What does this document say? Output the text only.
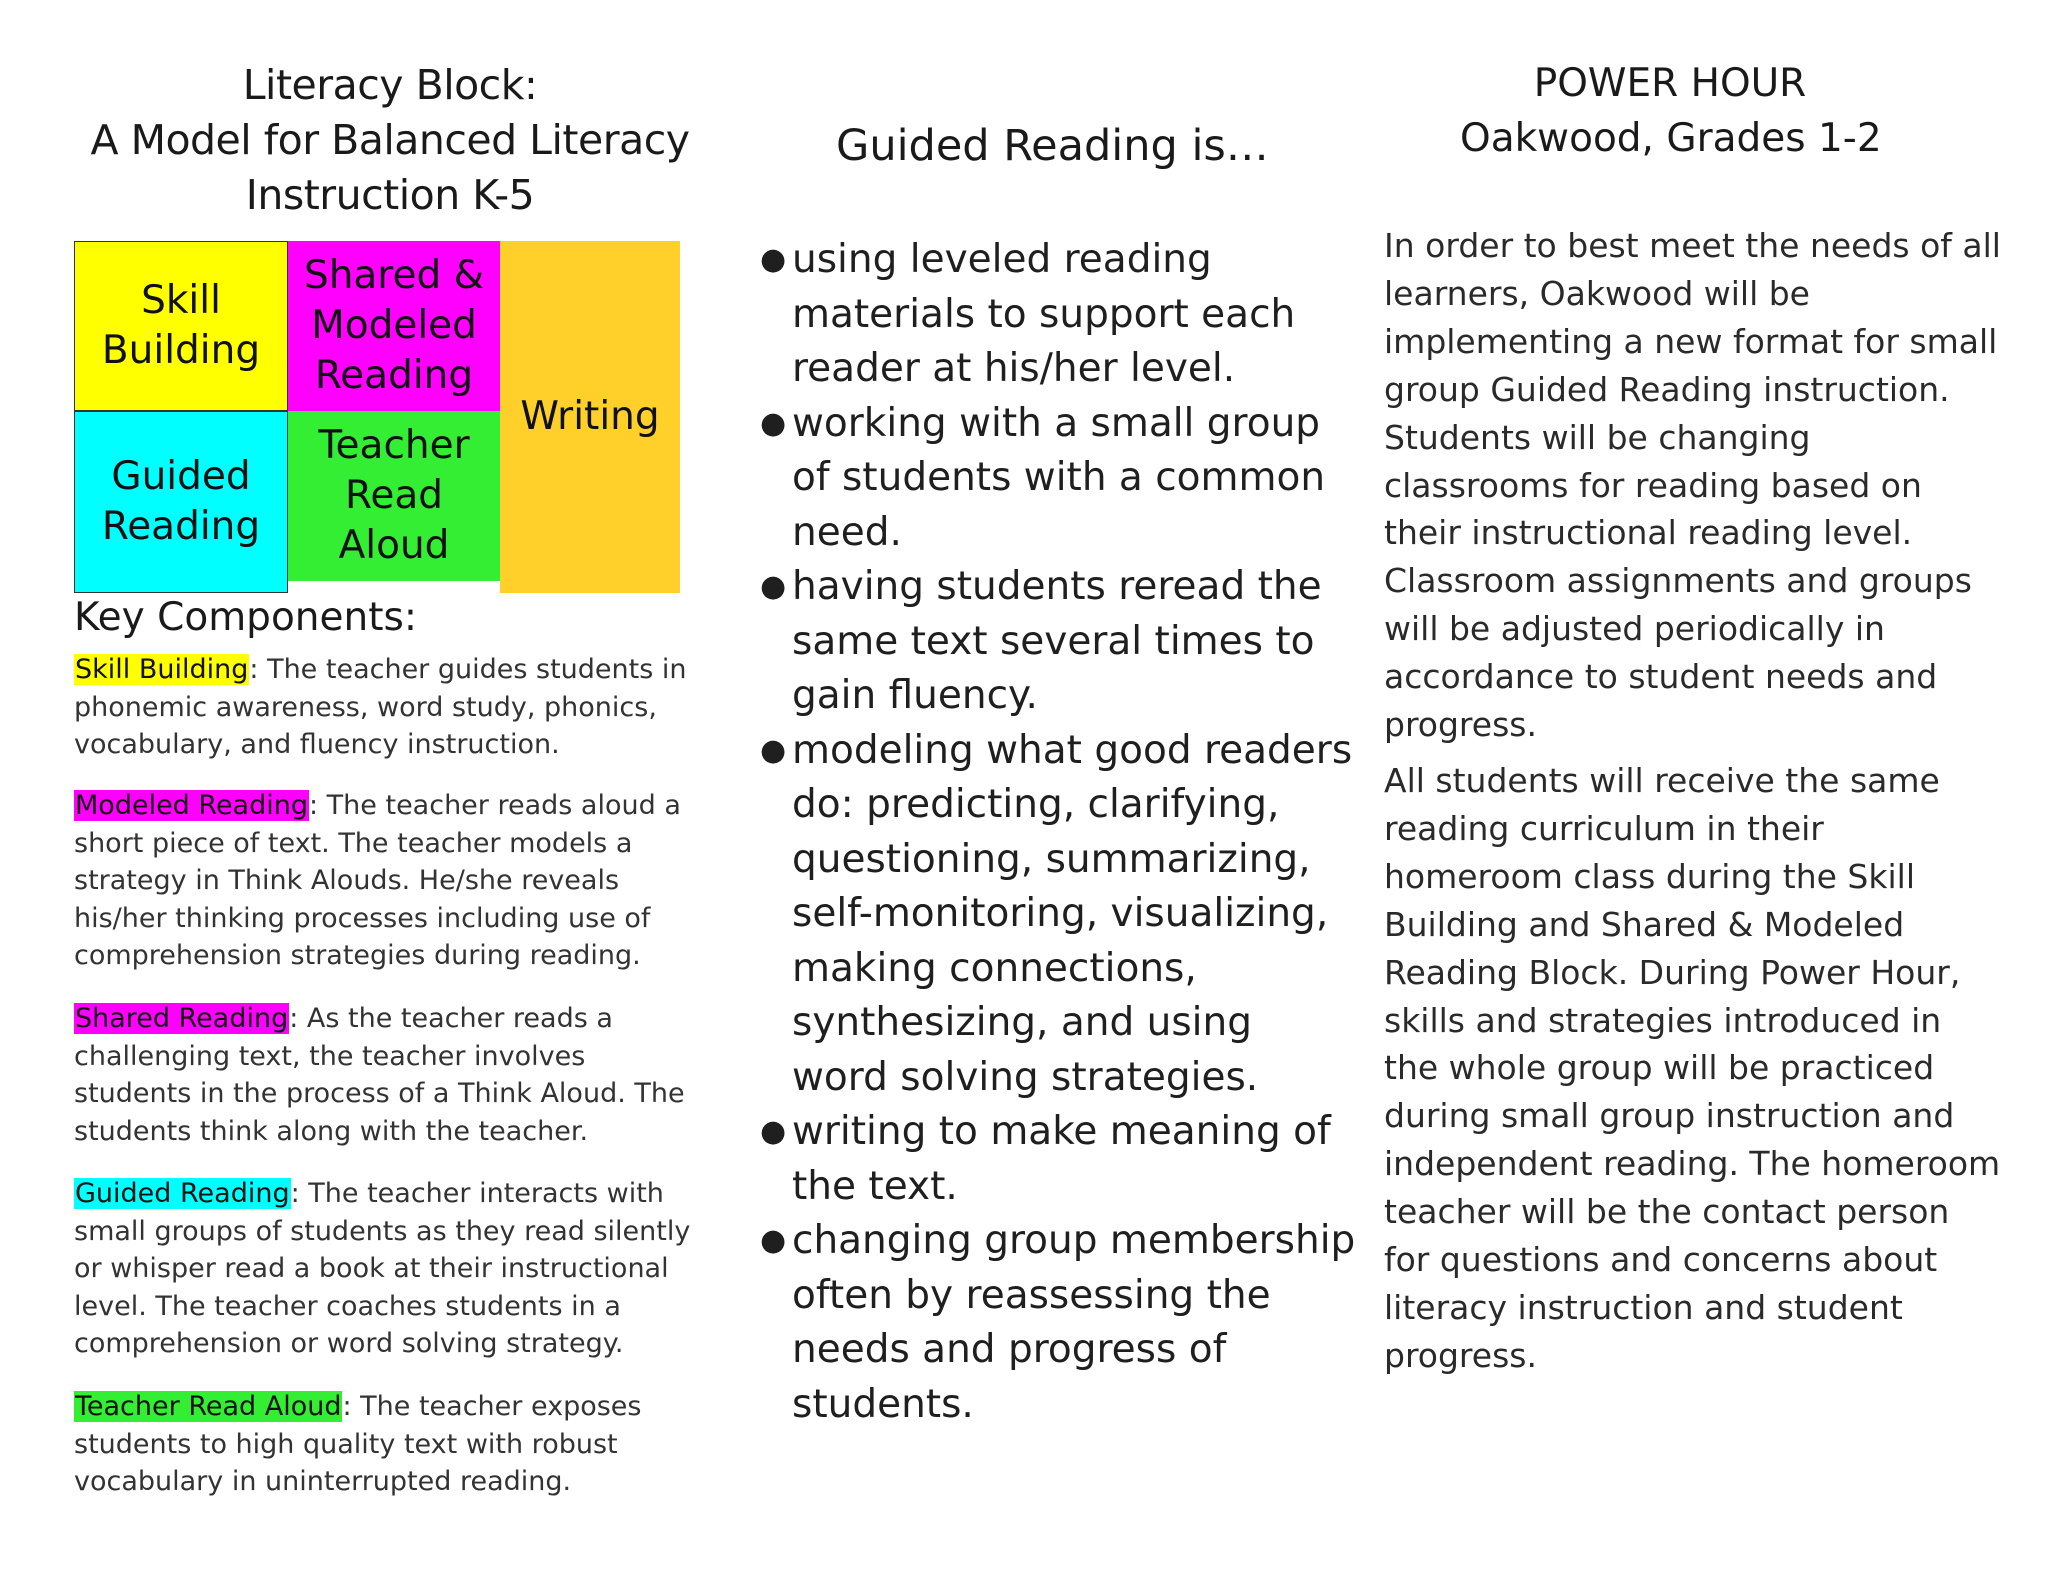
Literacy Block:
A Model for Balanced Literacy
Instruction K-5
Skill
Building
Shared &
Modeled
Reading
Writing
Guided
Reading
Teacher
Read Aloud
Key Components:
Skill Building: The teacher guides students in phonemic awareness, word study, phonics, vocabulary, and fluency instruction.
Modeled Reading: The teacher reads aloud a short piece of text. The teacher models a strategy in Think Alouds. He/she reveals his/her thinking processes including use of comprehension strategies during reading.
Shared Reading: As the teacher reads a challenging text, the teacher involves students in the process of a Think Aloud. The students think along with the teacher.
Guided Reading: The teacher interacts with small groups of students as they read silently or whisper read a book at their instructional level. The teacher coaches students in a comprehension or word solving strategy.
Teacher Read Aloud: The teacher exposes students to high quality text with robust vocabulary in uninterrupted reading.
Guided Reading is…
● using leveled reading materials to support each reader at his/her level.
● working with a small group of students with a common need.
● having students reread the same text several times to gain fluency.
● modeling what good readers do: predicting, clarifying, questioning, summarizing, self-monitoring, visualizing, making connections, synthesizing, and using word solving strategies.
● writing to make meaning of the text.
● changing group membership often by reassessing the needs and progress of students.
POWER HOUR
Oakwood, Grades 1-2

In order to best meet the needs of all learners, Oakwood will be implementing a new format for small group Guided Reading instruction. Students will be changing classrooms for reading based on their instructional reading level. Classroom assignments and groups will be adjusted periodically in accordance to student needs and progress.

All students will receive the same reading curriculum in their homeroom class during the Skill Building and Shared & Modeled Reading Block. During Power Hour, skills and strategies introduced in the whole group will be practiced during small group instruction and independent reading. The homeroom teacher will be the contact person for questions and concerns about literacy instruction and student progress.
